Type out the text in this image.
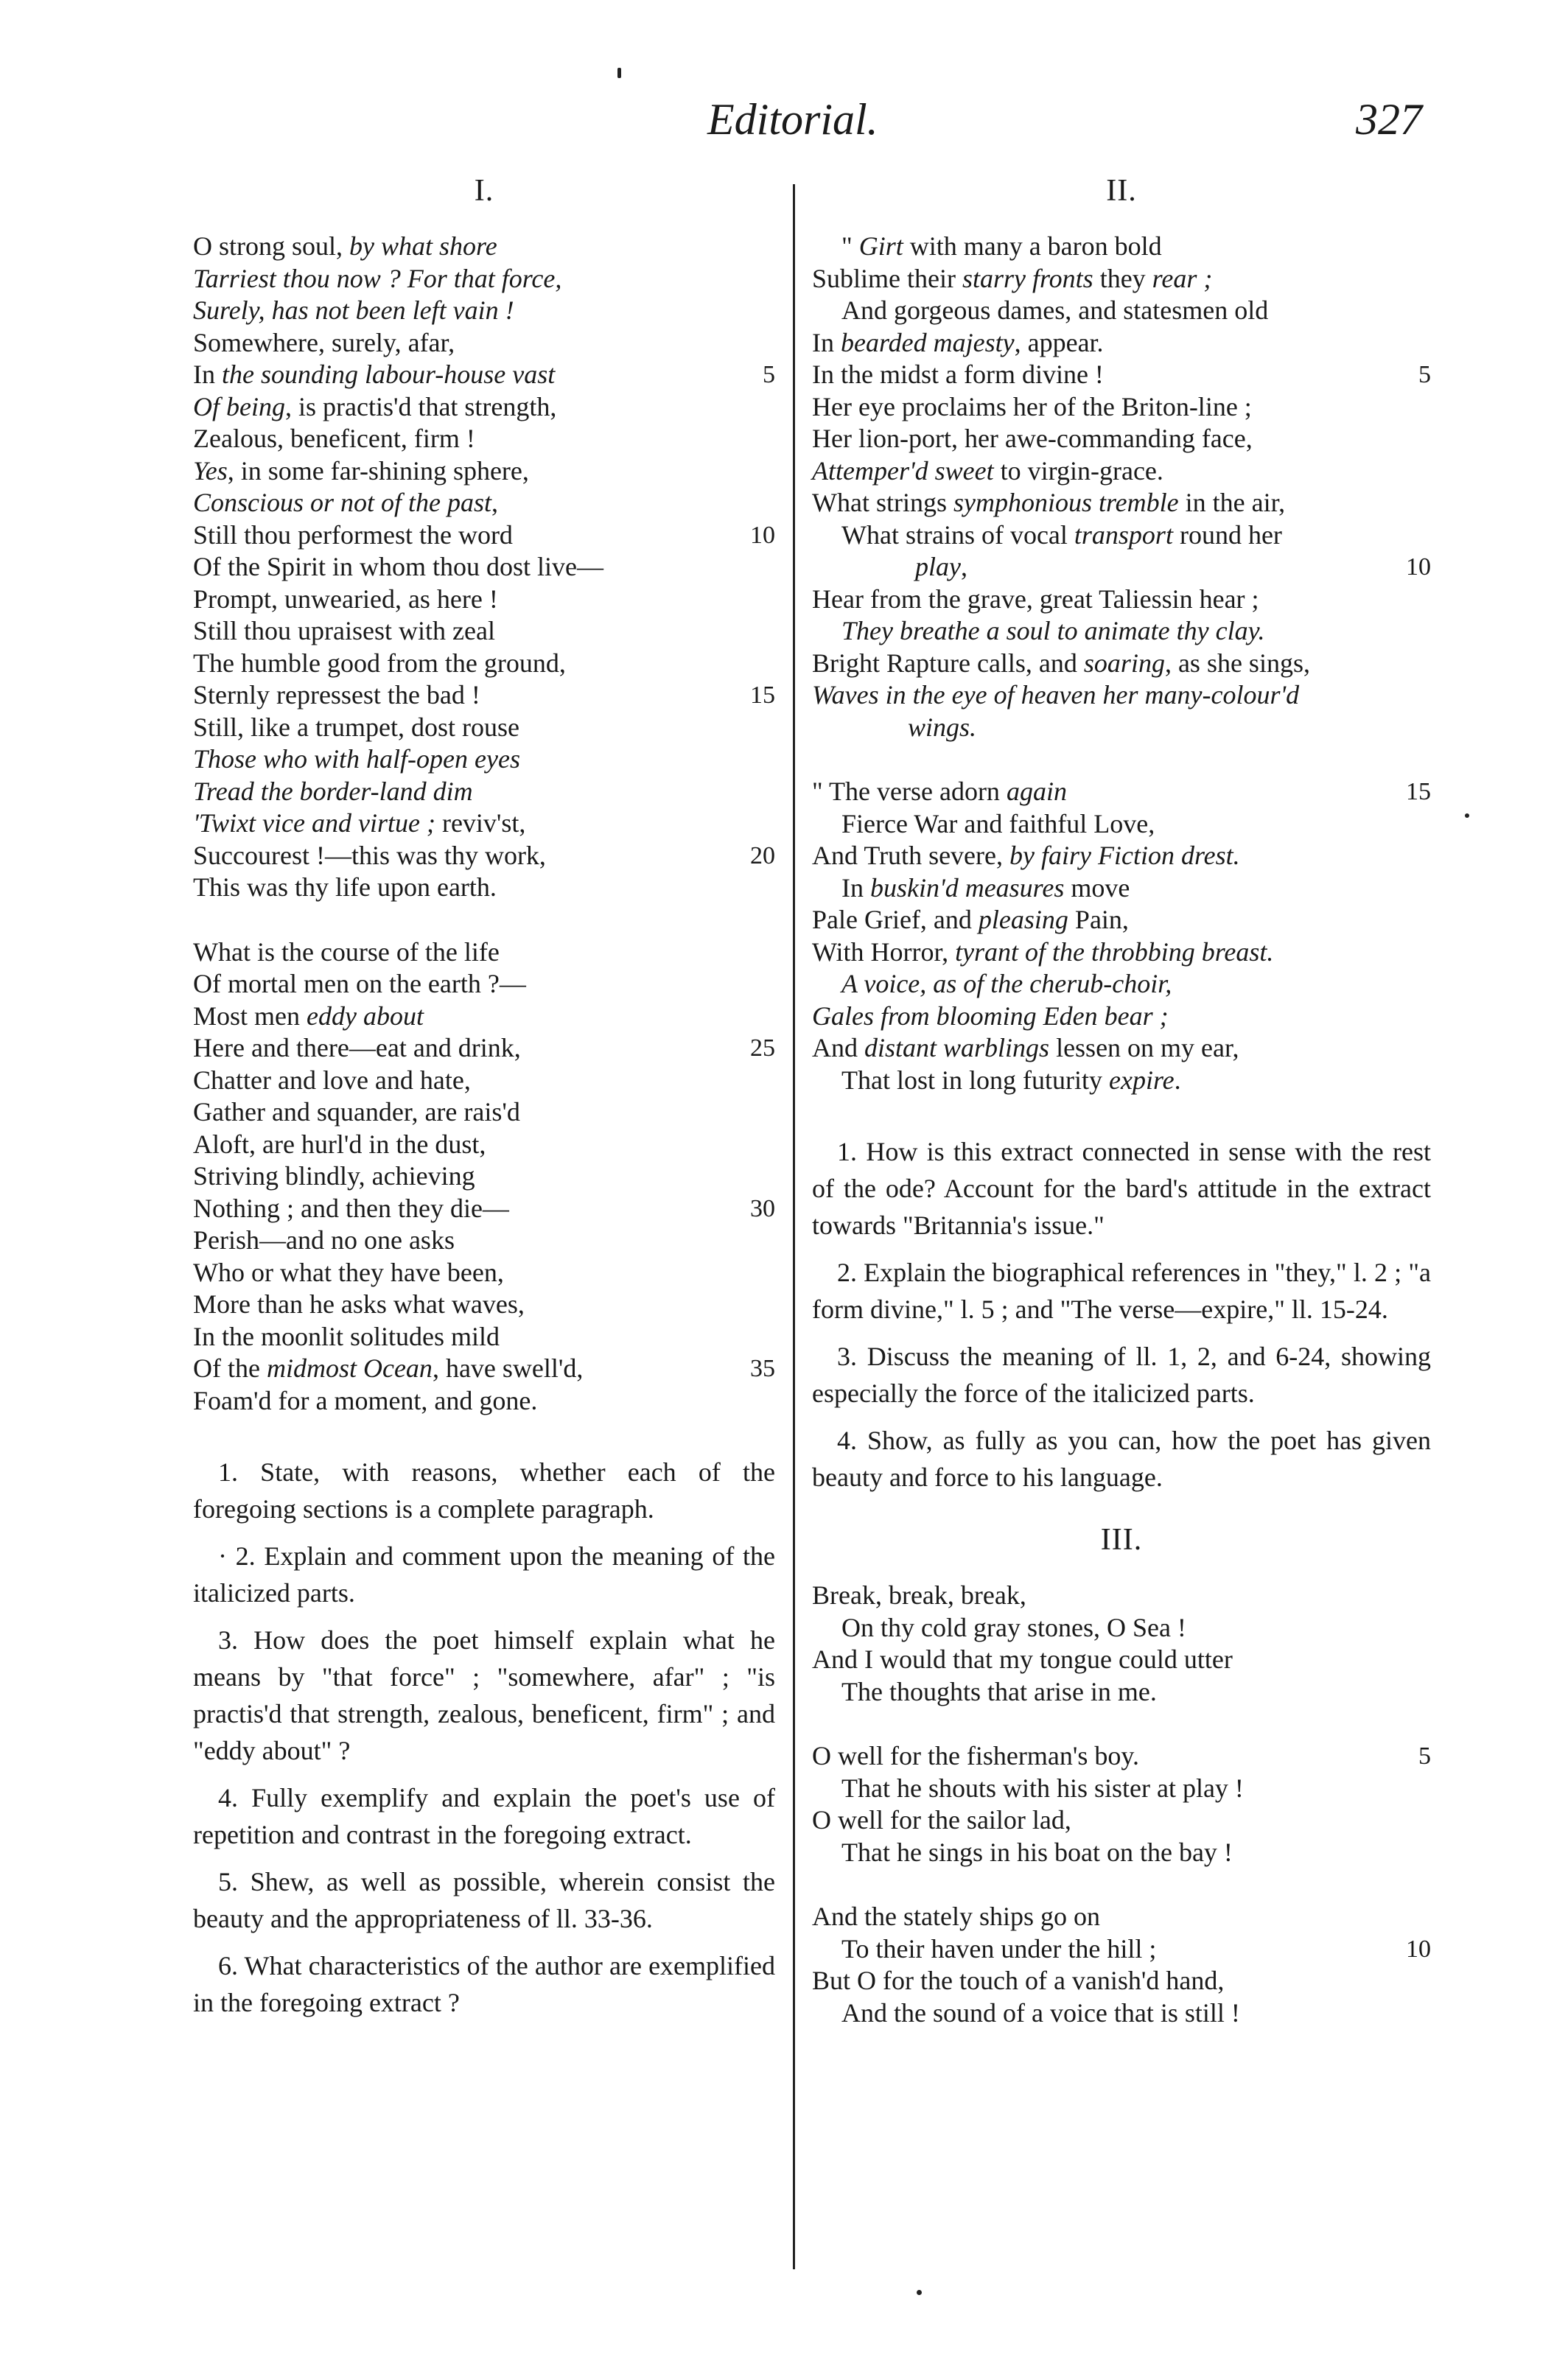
Editorial.	327
I.
O strong soul, by what shore
Tarriest thou now ? For that force,
Surely, has not been left vain !
Somewhere, surely, afar,
In the sounding labour-house vast	5
Of being, is practis'd that strength,
Zealous, beneficent, firm !
Yes, in some far-shining sphere,
Conscious or not of the past,
Still thou performest the word	10
Of the Spirit in whom thou dost live—
Prompt, unwearied, as here !
Still thou upraisest with zeal
The humble good from the ground,
Sternly repressest the bad !	15
Still, like a trumpet, dost rouse
Those who with half-open eyes
Tread the border-land dim
'Twixt vice and virtue ; reviv'st,
Succourest !—this was thy work,	20
This was thy life upon earth.
What is the course of the life
Of mortal men on the earth ?—
Most men eddy about
Here and there—eat and drink,	25
Chatter and love and hate,
Gather and squander, are rais'd
Aloft, are hurl'd in the dust,
Striving blindly, achieving
Nothing ; and then they die—	30
Perish—and no one asks
Who or what they have been,
More than he asks what waves,
In the moonlit solitudes mild
Of the midmost Ocean, have swell'd,	35
Foam'd for a moment, and gone.

1. State, with reasons, whether each of the foregoing sections is a complete paragraph.

· 2. Explain and comment upon the meaning of the italicized parts.

3. How does the poet himself explain what he means by "that force" ; "somewhere, afar" ; "is practis'd that strength, zealous, beneficent, firm" ; and "eddy about" ?

4. Fully exemplify and explain the poet's use of repetition and contrast in the foregoing extract.

5. Shew, as well as possible, wherein consist the beauty and the appropriateness of ll. 33-36.

6. What characteristics of the author are exemplified in the foregoing extract ?

II.
" Girt with many a baron bold
Sublime their starry fronts they rear ;
And gorgeous dames, and statesmen old
In bearded majesty, appear.
In the midst a form divine !	5
Her eye proclaims her of the Briton-line ;
Her lion-port, her awe-commanding face,
Attemper'd sweet to virgin-grace.
What strings symphonious tremble in the air,
What strains of vocal transport round her
play,	10
Hear from the grave, great Taliessin hear ;
They breathe a soul to animate thy clay.
Bright Rapture calls, and soaring, as she sings,
Waves in the eye of heaven her many-colour'd
wings.
" The verse adorn again	15
Fierce War and faithful Love,
And Truth severe, by fairy Fiction drest.
In buskin'd measures move
Pale Grief, and pleasing Pain,
With Horror, tyrant of the throbbing breast.
A voice, as of the cherub-choir,
Gales from blooming Eden bear ;
And distant warblings lessen on my ear,
That lost in long futurity expire.

1. How is this extract connected in sense with the rest of the ode? Account for the bard's attitude in the extract towards "Britannia's issue."

2. Explain the biographical references in "they," l. 2 ; "a form divine," l. 5 ; and "The verse—expire," ll. 15-24.

3. Discuss the meaning of ll. 1, 2, and 6-24, showing especially the force of the italicized parts.

4. Show, as fully as you can, how the poet has given beauty and force to his language.

III.
Break, break, break,
On thy cold gray stones, O Sea !
And I would that my tongue could utter
The thoughts that arise in me.
O well for the fisherman's boy.	5
That he shouts with his sister at play !
O well for the sailor lad,
That he sings in his boat on the bay !
And the stately ships go on
To their haven under the hill ;	10
But O for the touch of a vanish'd hand,
And the sound of a voice that is still !
